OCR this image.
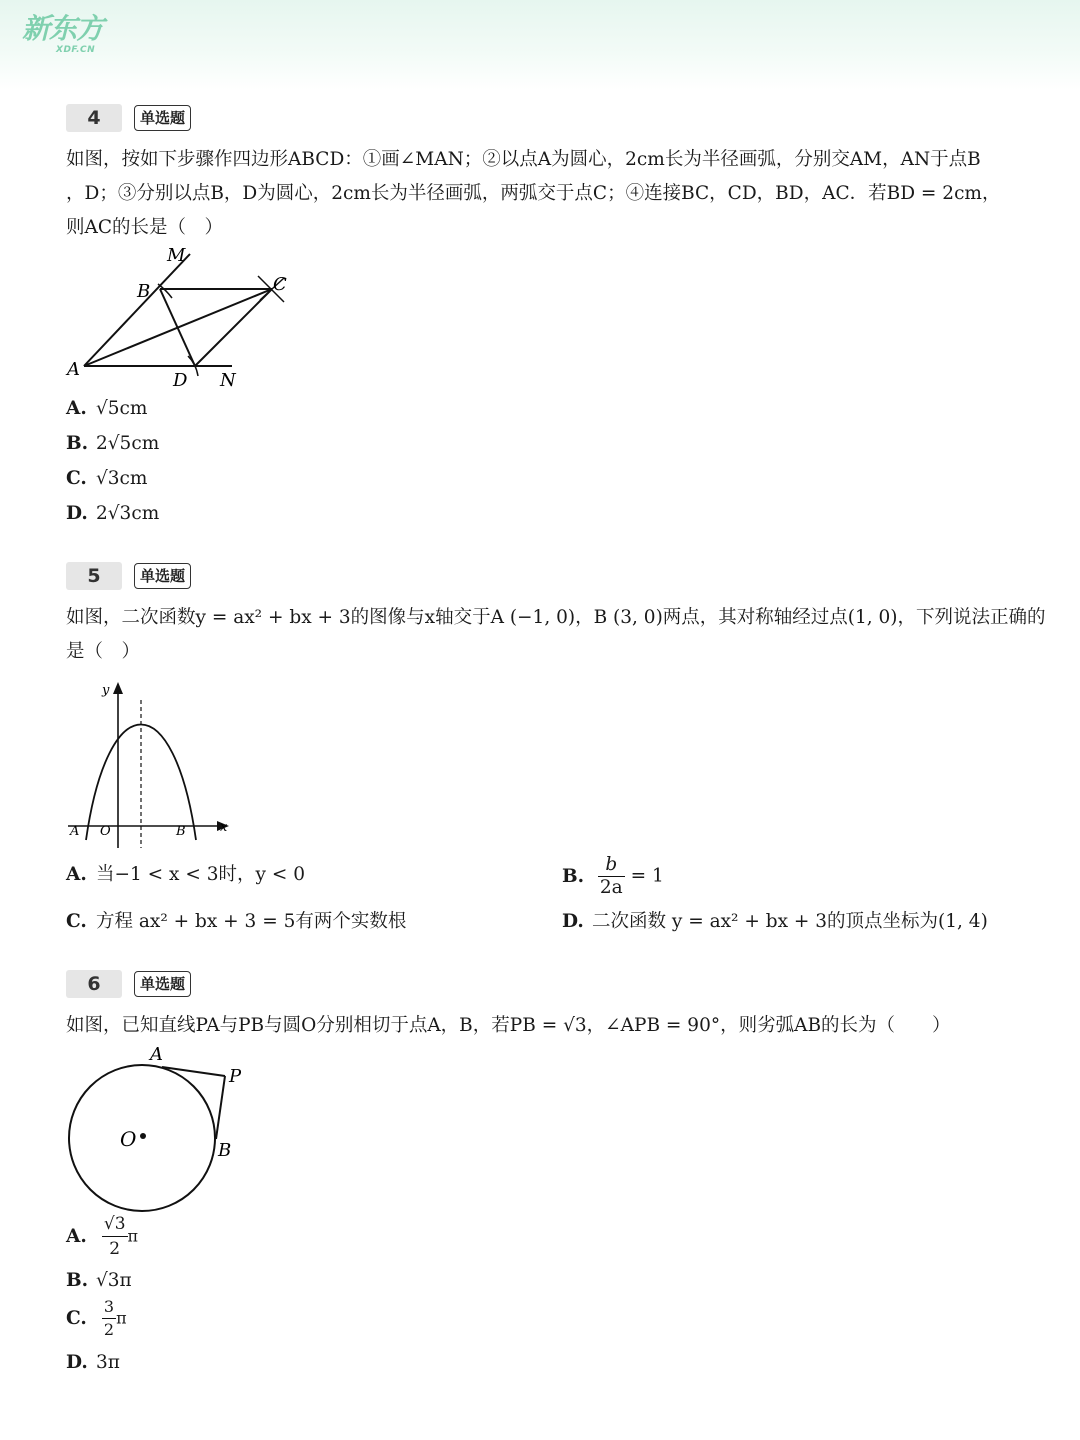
新东方
XDF.CN
4	单选题
如图，按如下步骤作四边形ABCD：①画∠MAN；②以点A为圆心，2cm长为半径画弧，分别交AM，AN于点B
，D；③分别以点B，D为圆心，2cm长为半径画弧，两弧交于点C；④连接BC，CD，BD，AC．若BD = 2cm，
则AC的长是（　）
M
B	C
A
D N
A. √5cm
B. 2√5cm
C. √3cm
D. 2√3cm
5	单选题
如图，二次函数y = ax² + bx + 3的图像与x轴交于A (−1, 0)，B (3, 0)两点，其对称轴经过点(1, 0)，下列说法正确的
是（　）
y
x
A O	B
A. 当−1 < x < 3时，y < 0	B. $\frac{b}{2a} = 1$
C. 方程 ax² + bx + 3 = 5有两个实数根	D. 二次函数 y = ax² + bx + 3的顶点坐标为(1, 4)
6	单选题
如图，已知直线PA与PB与圆O分别相切于点A，B，若PB = √3，∠APB = 90°，则劣弧AB的长为（　　）
A
P
O	B
A. $\frac{√3}{2}$ π
B. √3π
C. $\frac{3}{2}$ π
D. 3π
